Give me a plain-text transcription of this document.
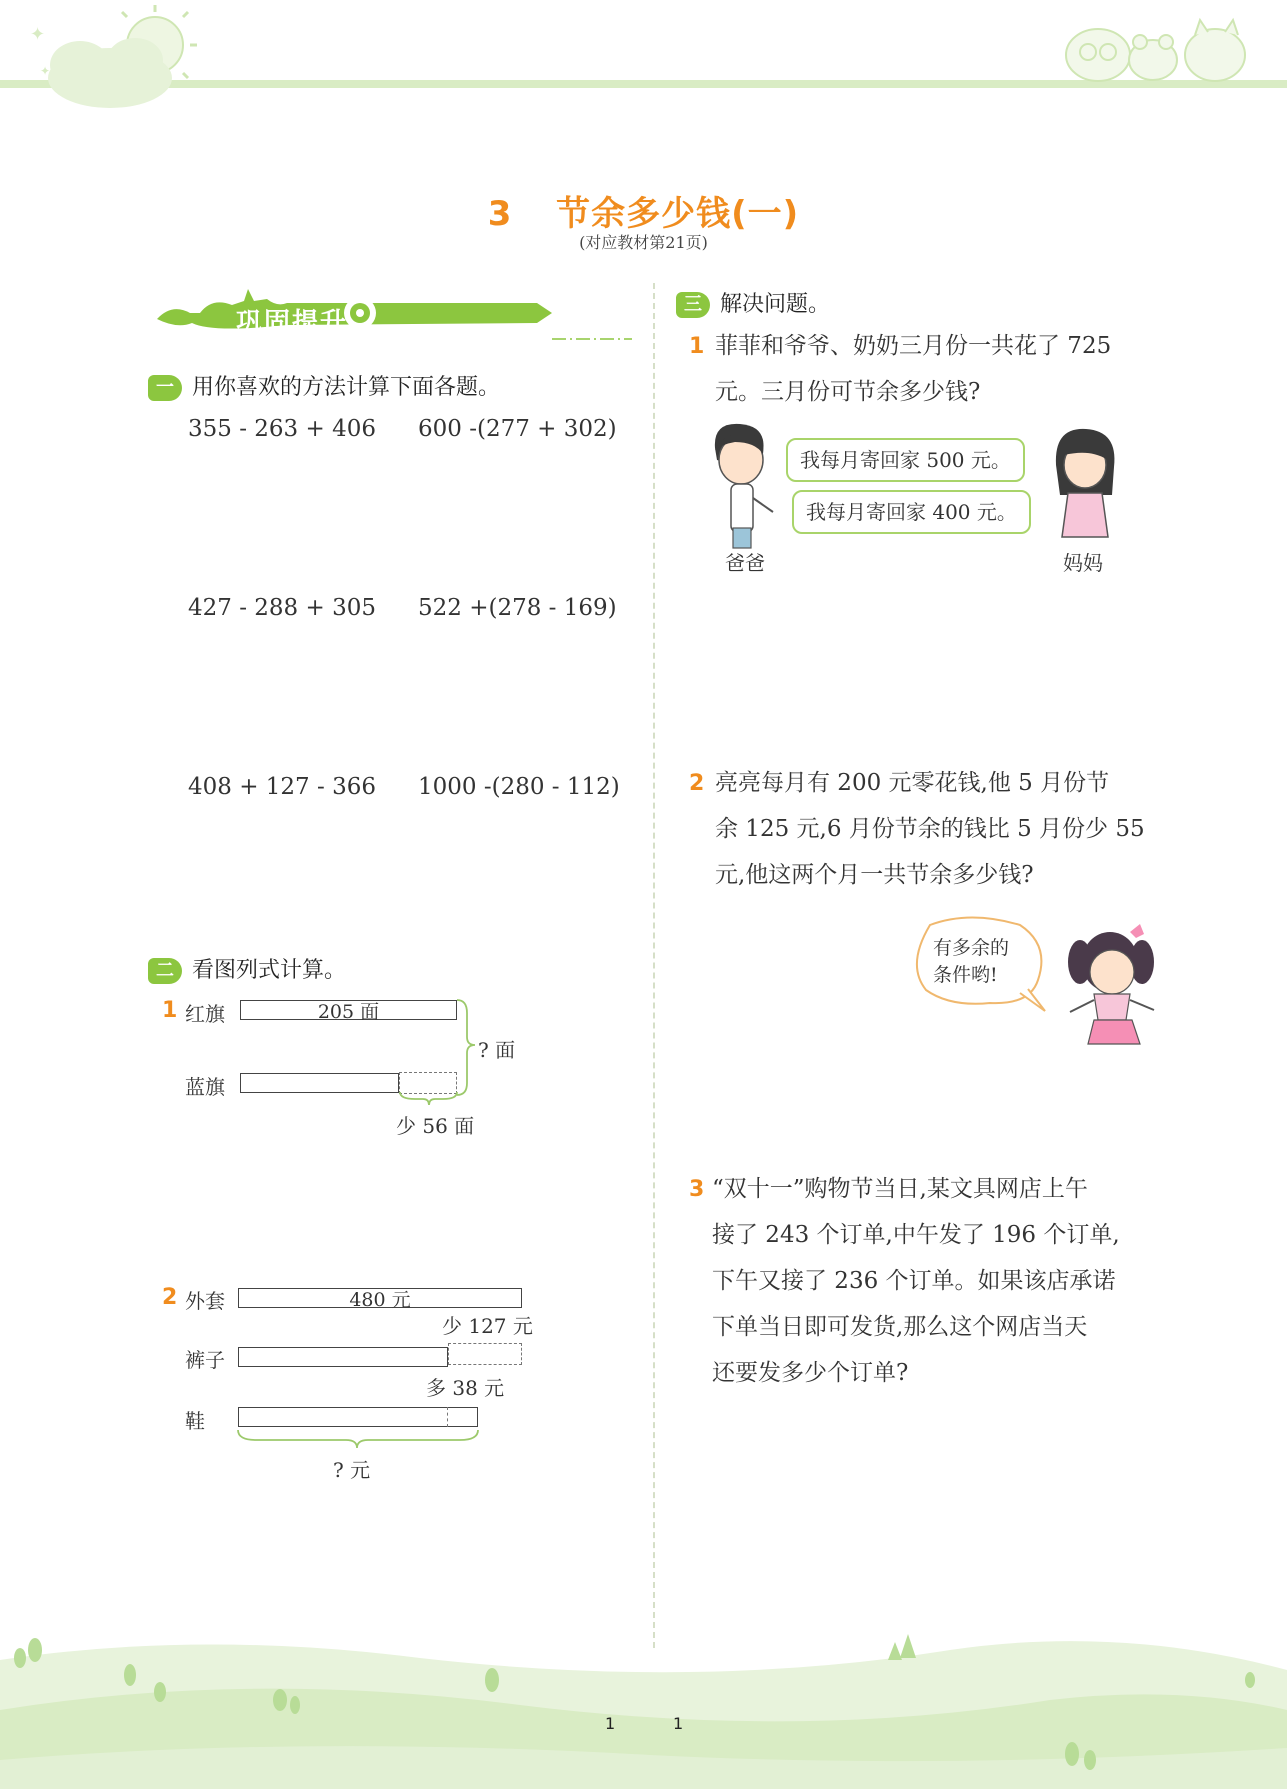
✦
✦
3 节余多少钱(一)
(对应教材第21页)
巩固提升
一 用你喜欢的方法计算下面各题。
355 - 263 + 406 600 -(277 + 302)
427 - 288 + 305 522 +(278 - 169)
408 + 127 - 366 1000 -(280 - 112)
二 看图列式计算。
1 红旗	205 面
蓝旗
? 面
少 56 面
2 外套	480 元
少 127 元
裤子
多 38 元
鞋
? 元
三 解决问题。
1 菲菲和爷爷、奶奶三月份一共花了 725
元。三月份可节余多少钱?
我每月寄回家 500 元。
我每月寄回家 400 元。
爸爸	妈妈
2 亮亮每月有 200 元零花钱,他 5 月份节
余 125 元,6 月份节余的钱比 5 月份少 55
元,他这两个月一共节余多少钱?
有多余的
条件哟!
3 “双十一”购物节当日,某文具网店上午
接了 243 个订单,中午发了 196 个订单,
下午又接了 236 个订单。如果该店承诺
下单当日即可发货,那么这个网店当天
还要发多少个订单?
1	1
